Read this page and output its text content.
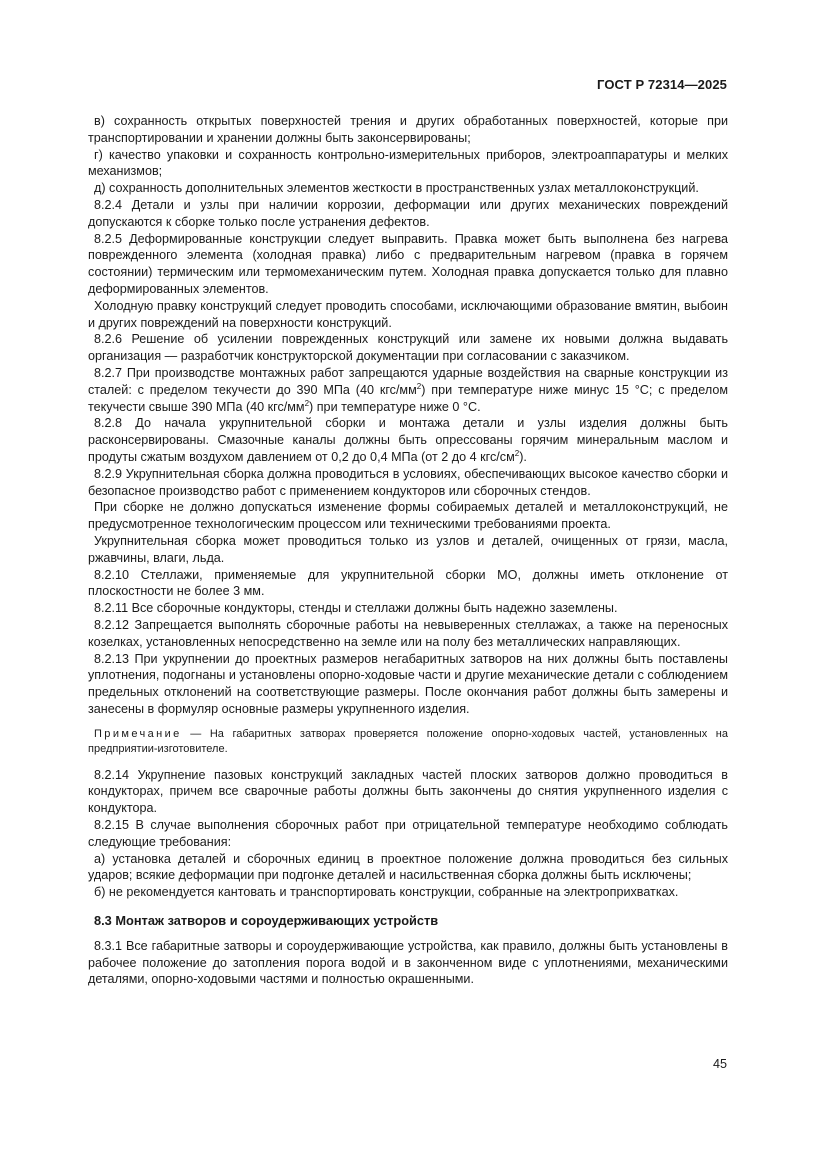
ГОСТ Р 72314—2025

в) сохранность открытых поверхностей трения и других обработанных поверхностей, которые при транспортировании и хранении должны быть законсервированы;

г) качество упаковки и сохранность контрольно-измерительных приборов, электроаппаратуры и мелких механизмов;

д) сохранность дополнительных элементов жесткости в пространственных узлах металлоконструкций.

8.2.4 Детали и узлы при наличии коррозии, деформации или других механических повреждений допускаются к сборке только после устранения дефектов.

8.2.5 Деформированные конструкции следует выправить. Правка может быть выполнена без нагрева поврежденного элемента (холодная правка) либо с предварительным нагревом (правка в горячем состоянии) термическим или термомеханическим путем. Холодная правка допускается только для плавно деформированных элементов.

Холодную правку конструкций следует проводить способами, исключающими образование вмятин, выбоин и других повреждений на поверхности конструкций.

8.2.6 Решение об усилении поврежденных конструкций или замене их новыми должна выдавать организация — разработчик конструкторской документации при согласовании с заказчиком.

8.2.7 При производстве монтажных работ запрещаются ударные воздействия на сварные конструкции из сталей: с пределом текучести до 390 МПа (40 кгс/$мм^2$) при температуре ниже минус 15 °С; с пределом текучести свыше 390 МПа (40 кгс/$мм^2$) при температуре ниже 0 °С.

8.2.8 До начала укрупнительной сборки и монтажа детали и узлы изделия должны быть расконсервированы. Смазочные каналы должны быть опрессованы горячим минеральным маслом и продуты сжатым воздухом давлением от 0,2 до 0,4 МПа (от 2 до 4 кгс/$см^2$).

8.2.9 Укрупнительная сборка должна проводиться в условиях, обеспечивающих высокое качество сборки и безопасное производство работ с применением кондукторов или сборочных стендов.

При сборке не должно допускаться изменение формы собираемых деталей и металлоконструкций, не предусмотренное технологическим процессом или техническими требованиями проекта.

Укрупнительная сборка может проводиться только из узлов и деталей, очищенных от грязи, масла, ржавчины, влаги, льда.

8.2.10 Стеллажи, применяемые для укрупнительной сборки МО, должны иметь отклонение от плоскостности не более 3 мм.

8.2.11 Все сборочные кондукторы, стенды и стеллажи должны быть надежно заземлены.

8.2.12 Запрещается выполнять сборочные работы на невыверенных стеллажах, а также на переносных козелках, установленных непосредственно на земле или на полу без металлических направляющих.

8.2.13 При укрупнении до проектных размеров негабаритных затворов на них должны быть поставлены уплотнения, подогнаны и установлены опорно-ходовые части и другие механические детали с соблюдением предельных отклонений на соответствующие размеры. После окончания работ должны быть замерены и занесены в формуляр основные размеры укрупненного изделия.

Примечание — На габаритных затворах проверяется положение опорно-ходовых частей, установленных на предприятии-изготовителе.

8.2.14 Укрупнение пазовых конструкций закладных частей плоских затворов должно проводиться в кондукторах, причем все сварочные работы должны быть закончены до снятия укрупненного изделия с кондуктора.

8.2.15 В случае выполнения сборочных работ при отрицательной температуре необходимо соблюдать следующие требования:

а) установка деталей и сборочных единиц в проектное положение должна проводиться без сильных ударов; всякие деформации при подгонке деталей и насильственная сборка должны быть исключены;

б) не рекомендуется кантовать и транспортировать конструкции, собранные на электроприхватках.

8.3 Монтаж затворов и сороудерживающих устройств

8.3.1 Все габаритные затворы и сороудерживающие устройства, как правило, должны быть установлены в рабочее положение до затопления порога водой и в законченном виде с уплотнениями, механическими деталями, опорно-ходовыми частями и полностью окрашенными.

45
